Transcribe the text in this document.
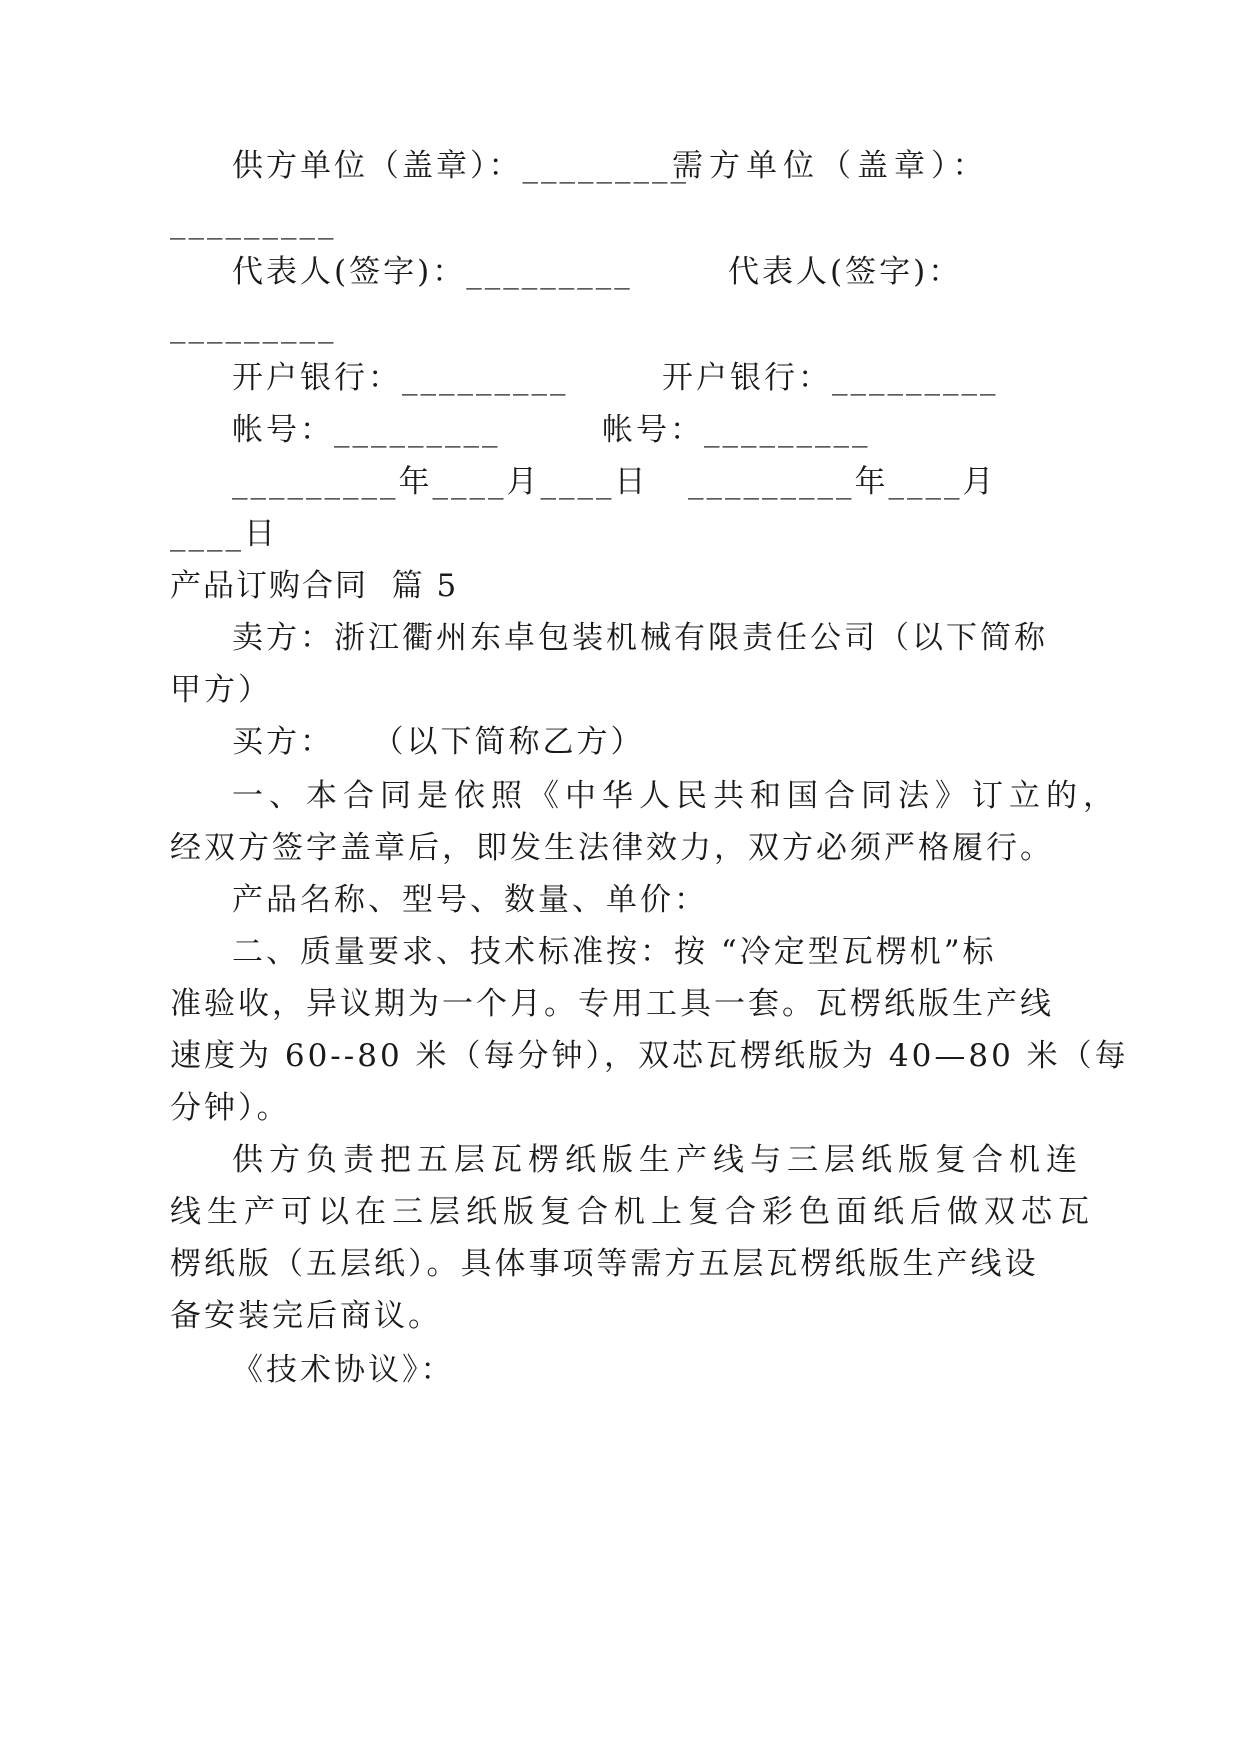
供方单位（盖章）：_________

需方单位（盖章）：

_________

代表人(签字)：_________	代表人(签字)：

_________

开户银行：_________	开户银行：_________

帐号：_________	帐号：_________

_________年____月____日 _________年____月

____日

产品订购合同  篇 5

卖方：浙江衢州东卓包装机械有限责任公司（以下简称

甲方）

买方：   （以下简称乙方）

一、本合同是依照《中华人民共和国合同法》订立的，

经双方签字盖章后，即发生法律效力，双方必须严格履行。

产品名称、型号、数量、单价：

二、质量要求、技术标准按：按 “冷定型瓦楞机”标

准验收，异议期为一个月。专用工具一套。瓦楞纸版生产线

速度为 60--80 米（每分钟），双芯瓦楞纸版为 40—80 米（每

分钟）。

供方负责把五层瓦楞纸版生产线与三层纸版复合机连

线生产可以在三层纸版复合机上复合彩色面纸后做双芯瓦

楞纸版（五层纸）。具体事项等需方五层瓦楞纸版生产线设

备安装完后商议。

《技术协议》：
